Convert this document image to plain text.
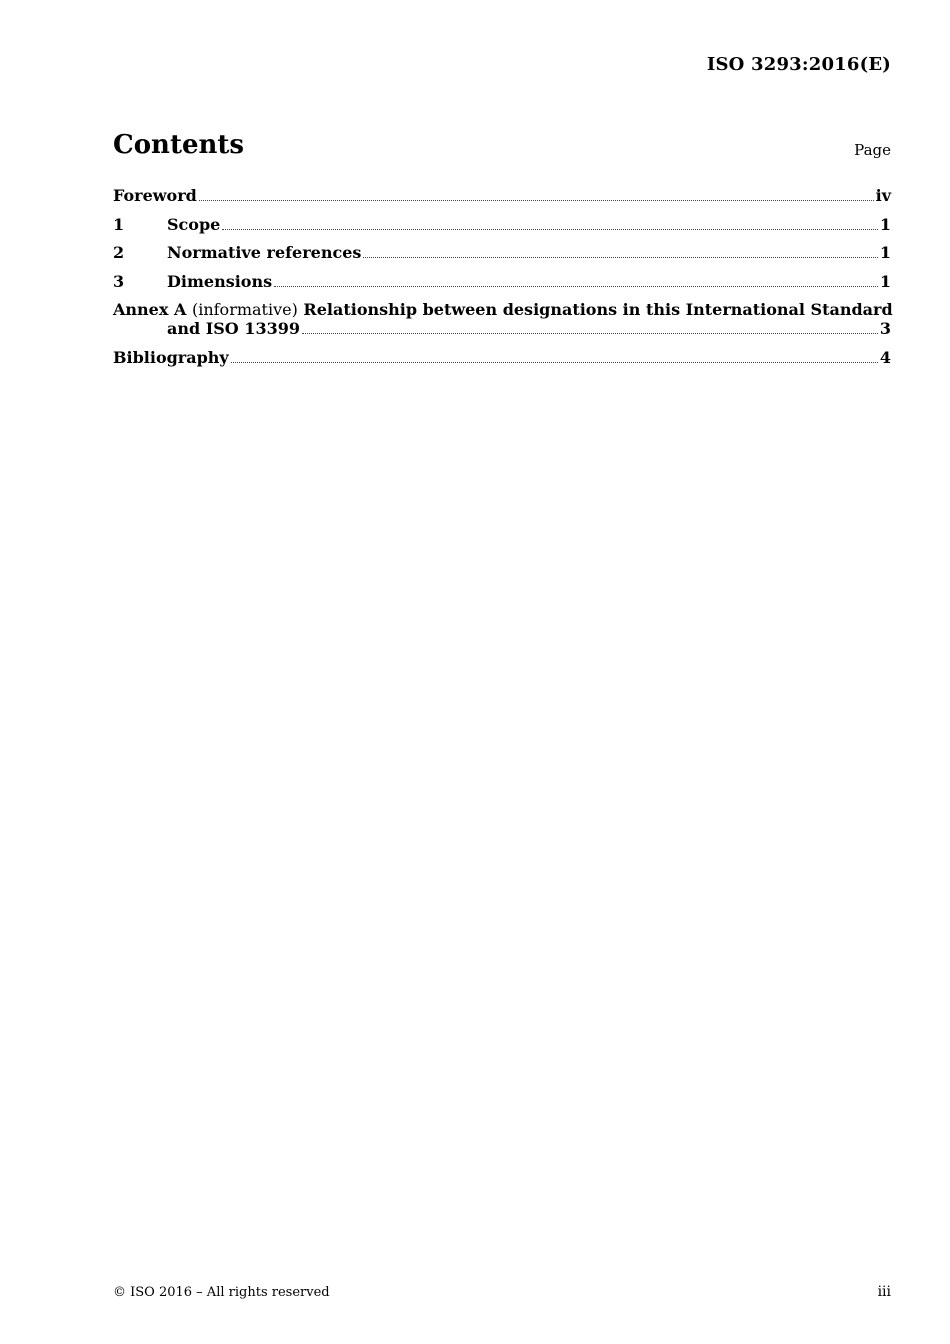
ISO 3293:2016(E)
Contents	Page
Foreword	iv
1	Scope	1
2	Normative references	1
3	Dimensions	1
Annex A (informative) Relationship between designations in this International Standard
and ISO 13399	3
Bibliography	4
© ISO 2016 – All rights reserved	iii
